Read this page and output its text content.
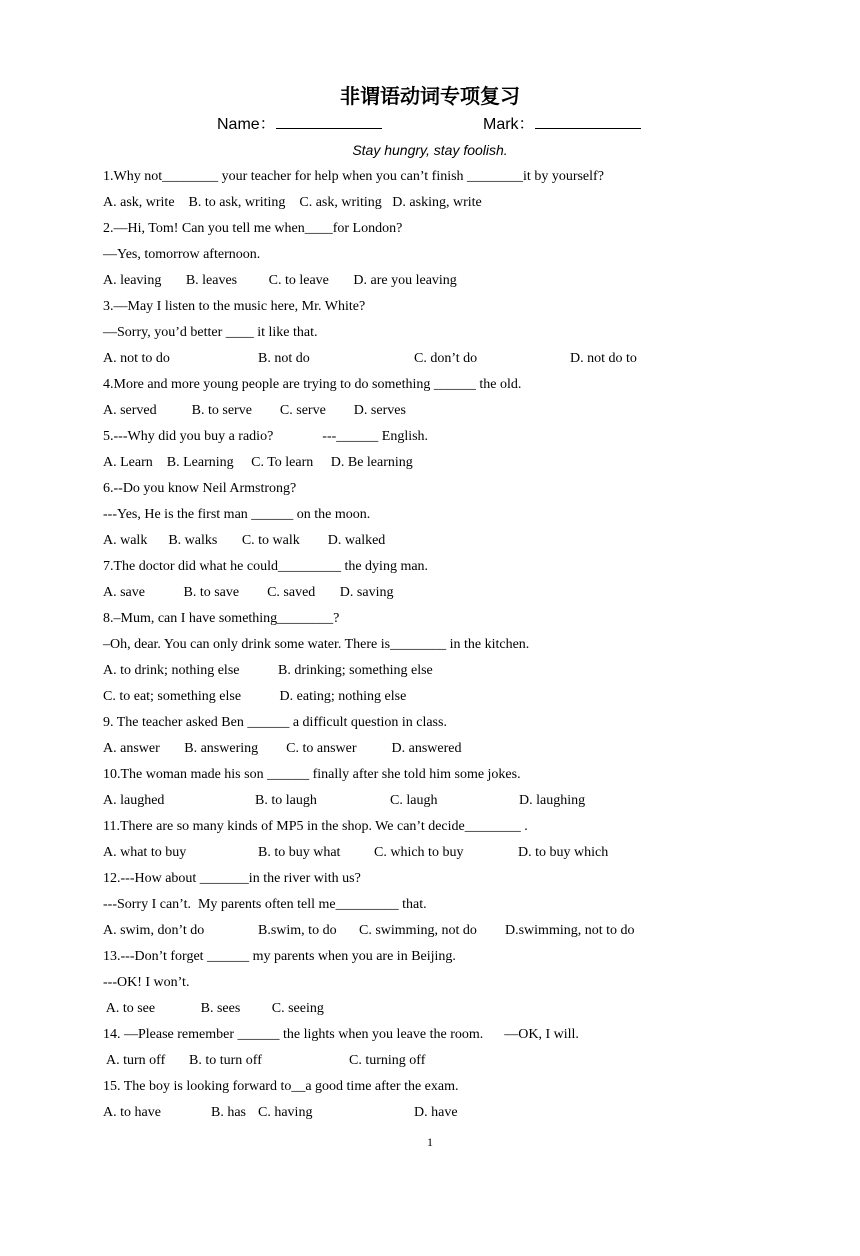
非谓语动词专项复习
Name：	Mark：
Stay hungry, stay foolish.
1.Why not________ your teacher for help when you can’t finish ________it by yourself?
A. ask, write    B. to ask, writing    C. ask, writing   D. asking, write
2.—Hi, Tom! Can you tell me when____for London?
—Yes, tomorrow afternoon.
A. leaving       B. leaves         C. to leave       D. are you leaving
3.—May I listen to the music here, Mr. White?
—Sorry, you’d better ____ it like that.

A. not to do

	B. not do

	C. don’t do

	D. not do to

4.More and more young people are trying to do something ______ the old.
A. served          B. to serve        C. serve        D. serves
5.---Why did you buy a radio?              ---______ English.
A. Learn    B. Learning     C. To learn     D. Be learning
6.--Do you know Neil Armstrong?
---Yes, He is the first man ______ on the moon.
A. walk      B. walks       C. to walk        D. walked
7.The doctor did what he could_________ the dying man.
A. save           B. to save        C. saved       D. saving
8.–Mum, can I have something________?
–Oh, dear. You can only drink some water. There is________ in the kitchen.
A. to drink; nothing else           B. drinking; something else
C. to eat; something else           D. eating; nothing else
9. The teacher asked Ben ______ a difficult question in class.
A. answer       B. answering        C. to answer          D. answered
10.The woman made his son ______ finally after she told him some jokes.

A. laughed

	B. to laugh

	C. laugh

	D. laughing

11.There are so many kinds of MP5 in the shop. We can’t decide________ .

A. what to buy

	B. to buy what

C. which to buy

	D. to buy which

12.---How about _______in the river with us?
---Sorry I can’t.  My parents often tell me_________ that.

A. swim, don’t do

	B.swim, to do

C. swimming, not do

D.swimming, not to do

13.---Don’t forget ______ my parents when you are in Beijing.
---OK! I won’t.
A. to see             B. sees         C. seeing
14. —Please remember ______ the lights when you leave the room.      —OK, I will.

A. turn off

B. to turn off

	C. turning off

15. The boy is looking forward to__a good time after the exam.

A. to have

	B. has

C. having

	D. have

1
